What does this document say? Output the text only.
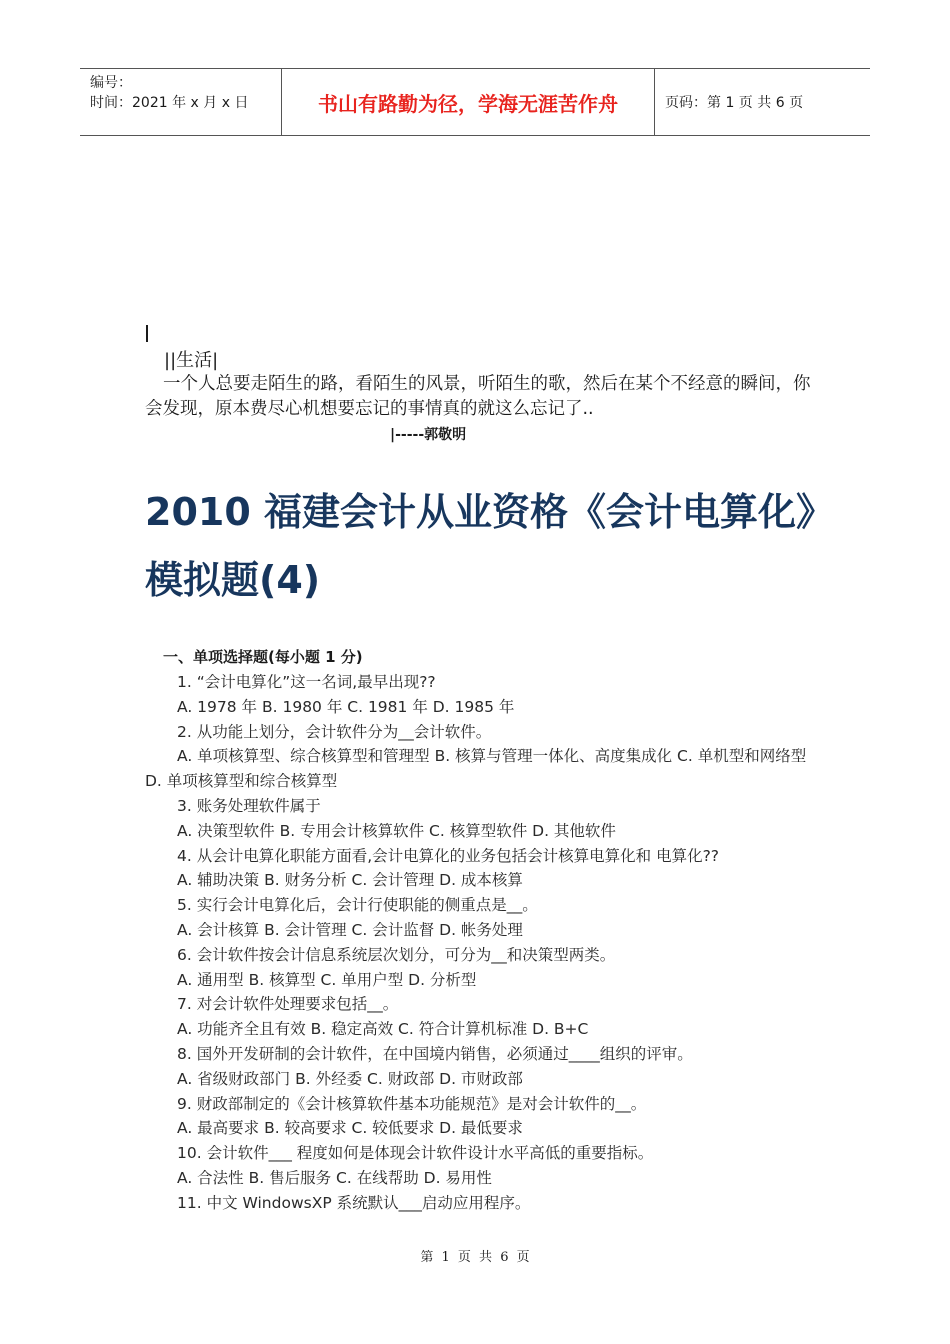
编号：
时间：2021 年 x 月 x 日	书山有路勤为径，学海无涯苦作舟	页码：第 1 页 共 6 页
||生活|
一个人总要走陌生的路，看陌生的风景，听陌生的歌，然后在某个不经意的瞬间，你会发现，原本费尽心机想要忘记的事情真的就这么忘记了..
|-----郭敬明
2010 福建会计从业资格《会计电算化》模拟题(4)
一、单项选择题(每小题 1 分)
1. “会计电算化”这一名词,最早出现??
A. 1978 年 B. 1980 年 C. 1981 年 D. 1985 年
2. 从功能上划分，会计软件分为__会计软件。
A. 单项核算型、综合核算型和管理型 B. 核算与管理一体化、高度集成化 C. 单机型和网络型 D. 单项核算型和综合核算型
3. 账务处理软件属于
A. 决策型软件 B. 专用会计核算软件 C. 核算型软件 D. 其他软件
4. 从会计电算化职能方面看,会计电算化的业务包括会计核算电算化和 电算化??
A. 辅助决策 B. 财务分析 C. 会计管理 D. 成本核算
5. 实行会计电算化后，会计行使职能的侧重点是__。
A. 会计核算 B. 会计管理 C. 会计监督 D. 帐务处理
6. 会计软件按会计信息系统层次划分，可分为__和决策型两类。
A. 通用型 B. 核算型 C. 单用户型 D. 分析型
7. 对会计软件处理要求包括__。
A. 功能齐全且有效 B. 稳定高效 C. 符合计算机标准 D. B+C
8. 国外开发研制的会计软件，在中国境内销售，必须通过____组织的评审。
A. 省级财政部门 B. 外经委 C. 财政部 D. 市财政部
9. 财政部制定的《会计核算软件基本功能规范》是对会计软件的__。
A. 最高要求 B. 较高要求 C. 较低要求 D. 最低要求
10. 会计软件___ 程度如何是体现会计软件设计水平高低的重要指标。
A. 合法性 B. 售后服务 C. 在线帮助 D. 易用性
11. 中文 WindowsXP 系统默认___启动应用程序。
第 1 页 共 6 页
